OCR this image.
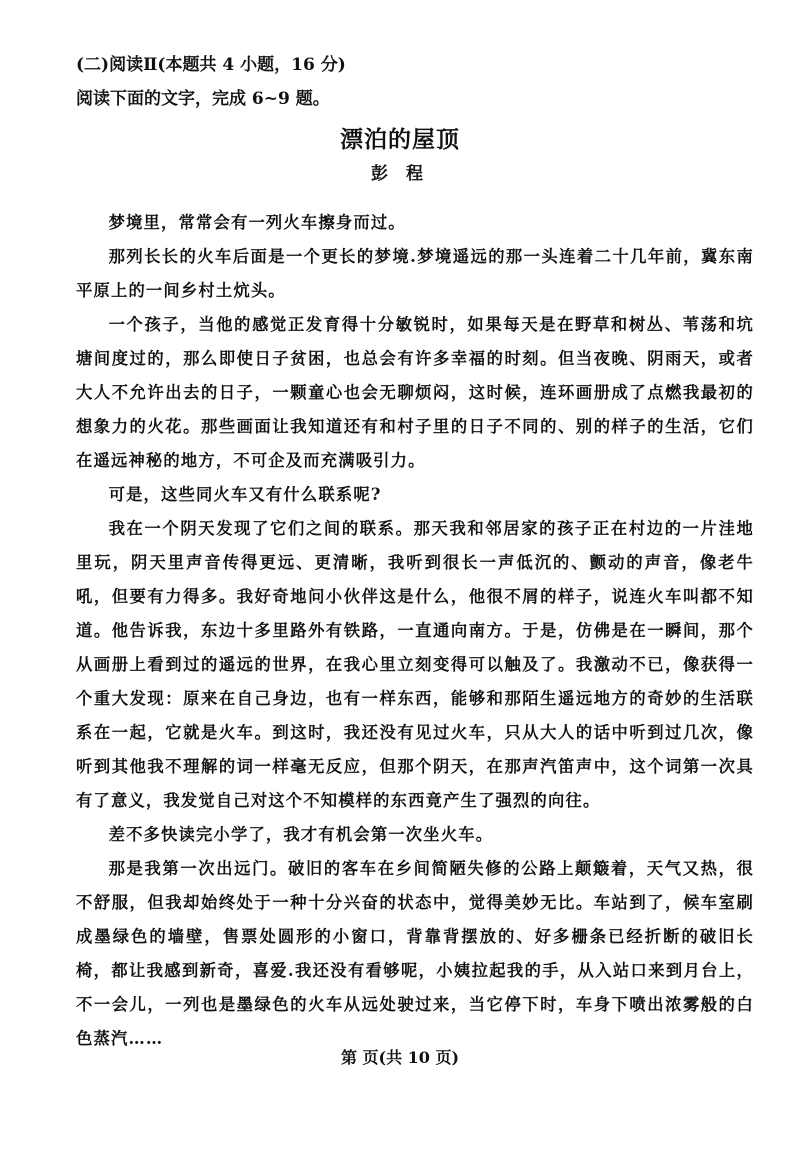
(二)阅读Ⅱ(本题共 4 小题，16 分)
阅读下面的文字，完成 6~9 题。
漂泊的屋顶
彭 程

梦境里，常常会有一列火车擦身而过。

那列长长的火车后面是一个更长的梦境.梦境遥远的那一头连着二十几年前，冀东南平原上的一间乡村土炕头。

一个孩子，当他的感觉正发育得十分敏锐时，如果每天是在野草和树丛、苇荡和坑塘间度过的，那么即使日子贫困，也总会有许多幸福的时刻。但当夜晚、阴雨天，或者大人不允许出去的日子，一颗童心也会无聊烦闷，这时候，连环画册成了点燃我最初的想象力的火花。那些画面让我知道还有和村子里的日子不同的、别的样子的生活，它们在遥远神秘的地方，不可企及而充满吸引力。

可是，这些同火车又有什么联系呢?

我在一个阴天发现了它们之间的联系。那天我和邻居家的孩子正在村边的一片洼地里玩，阴天里声音传得更远、更清晰，我听到很长一声低沉的、颤动的声音，像老牛吼，但要有力得多。我好奇地问小伙伴这是什么，他很不屑的样子，说连火车叫都不知道。他告诉我，东边十多里路外有铁路，一直通向南方。于是，仿佛是在一瞬间，那个从画册上看到过的遥远的世界，在我心里立刻变得可以触及了。我激动不已，像获得一个重大发现：原来在自己身边，也有一样东西，能够和那陌生遥远地方的奇妙的生活联系在一起，它就是火车。到这时，我还没有见过火车，只从大人的话中听到过几次，像听到其他我不理解的词一样毫无反应，但那个阴天，在那声汽笛声中，这个词第一次具有了意义，我发觉自己对这个不知模样的东西竟产生了强烈的向往。

差不多快读完小学了，我才有机会第一次坐火车。

那是我第一次出远门。破旧的客车在乡间简陋失修的公路上颠簸着，天气又热，很不舒服，但我却始终处于一种十分兴奋的状态中，觉得美妙无比。车站到了，候车室刷成墨绿色的墙壁，售票处圆形的小窗口，背靠背摆放的、好多栅条已经折断的破旧长椅，都让我感到新奇，喜爱.我还没有看够呢，小姨拉起我的手，从入站口来到月台上，不一会儿，一列也是墨绿色的火车从远处驶过来，当它停下时，车身下喷出浓雾般的白色蒸汽……

第 页(共 10 页)
